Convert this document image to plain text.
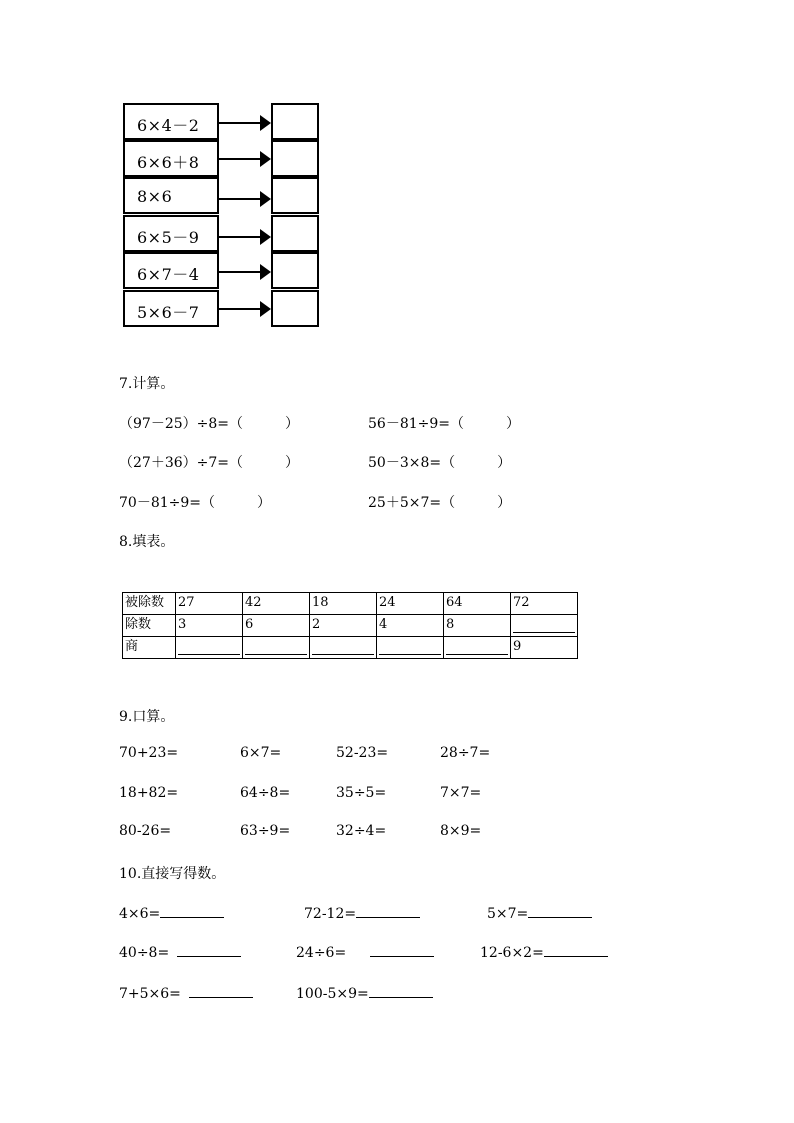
6×4－2
6×6＋8
8×6
6×5－9
6×7－4
5×6－7
7.计算。
（97－25）÷8=（　　　）	56－81÷9=（　　　）
（27＋36）÷7=（　　　）	50－3×8=（　　　）
70－81÷9=（　　　）	25＋5×7=（　　　）
8.填表。
被除数	27	42	18	24	64	72
除数	3	6	2	4	8	

商						9
9.口算。
70+23=	6×7=	52-23=	28÷7=
18+82=	64÷8=	35÷5=	7×7=
80-26=	63÷9=	32÷4=	8×9=
10.直接写得数。
4×6=	72-12=	5×7=
40÷8=	24÷6=	12-6×2=
7+5×6=	100-5×9=
